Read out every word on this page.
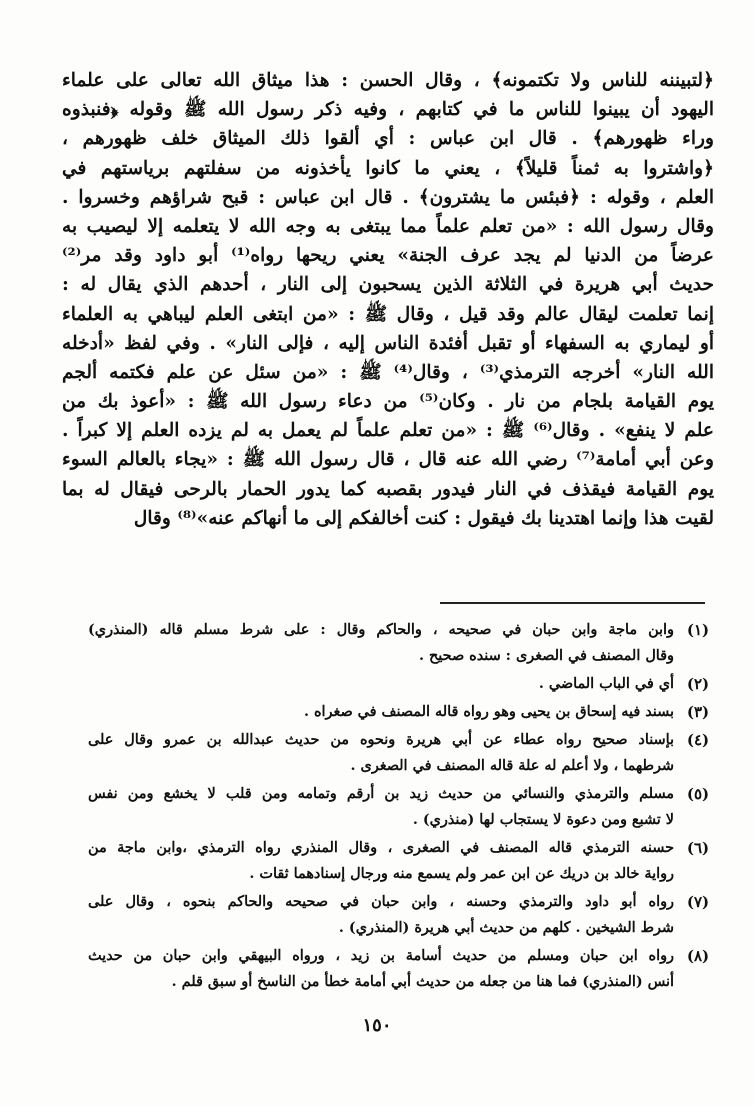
﴿لتبيننه للناس ولا تكتمونه﴾ ، وقال الحسن : هذا ميثاق الله تعالى على علماء
اليهود أن يبينوا للناس ما في كتابهم ، وفيه ذكر رسول الله ﷺ وقوله ﴿فنبذوه
وراء ظهورهم﴾ . قال ابن عباس : أي ألقوا ذلك الميثاق خلف ظهورهم ،
﴿واشتروا به ثمناً قليلاً﴾ ، يعني ما كانوا يأخذونه من سفلتهم برياستهم في
العلم ، وقوله : ﴿فبئس ما يشترون﴾ . قال ابن عباس : قبح شراؤهم وخسروا .
وقال رسول الله : «من تعلم علماً مما يبتغى به وجه الله لا يتعلمه إلا ليصيب به
عرضاً من الدنيا لم يجد عرف الجنة» يعني ريحها رواه⁽¹⁾ أبو داود وقد مر⁽²⁾
حديث أبي هريرة في الثلاثة الذين يسحبون إلى النار ، أحدهم الذي يقال له :
إنما تعلمت ليقال عالم وقد قيل ، وقال ﷺ : «من ابتغى العلم ليباهي به العلماء
أو ليماري به السفهاء أو تقبل أفئدة الناس إليه ، فإلى النار» . وفي لفظ «أدخله
الله النار» أخرجه الترمذي⁽³⁾ ، وقال⁽⁴⁾ ﷺ : «من سئل عن علم فكتمه ألجم
يوم القيامة بلجام من نار . وكان⁽⁵⁾ من دعاء رسول الله ﷺ : «أعوذ بك من
علم لا ينفع» . وقال⁽⁶⁾ ﷺ : «من تعلم علماً لم يعمل به لم يزده العلم إلا كبراً .
وعن أبي أمامة⁽⁷⁾ رضي الله عنه قال ، قال رسول الله ﷺ : «يجاء بالعالم السوء
يوم القيامة فيقذف في النار فيدور بقصبه كما يدور الحمار بالرحى فيقال له بما
لقيت هذا وإنما اهتدينا بك فيقول : كنت أخالفكم إلى ما أنهاكم عنه»⁽⁸⁾ وقال
(١)
وابن ماجة وابن حبان في صحيحه ، والحاكم وقال : على شرط مسلم قاله (المنذري)
وقال المصنف في الصغرى : سنده صحيح .
(٢)
أي في الباب الماضي .
(٣)
بسند فيه إسحاق بن يحيى وهو رواه قاله المصنف في صغراه .
(٤)
بإسناد صحيح رواه عطاء عن أبي هريرة ونحوه من حديث عبدالله بن عمرو وقال على
شرطهما ، ولا أعلم له علة قاله المصنف في الصغرى .
(٥)
مسلم والترمذي والنسائي من حديث زيد بن أرقم وتمامه ومن قلب لا يخشع ومن نفس
لا تشبع ومن دعوة لا يستجاب لها (منذري) .
(٦)
حسنه الترمذي قاله المصنف في الصغرى ، وقال المنذري رواه الترمذي ،وابن ماجة من
رواية خالد بن دريك عن ابن عمر ولم يسمع منه ورجال إسنادهما ثقات .
(٧)
رواه أبو داود والترمذي وحسنه ، وابن حبان في صحيحه والحاكم بنحوه ، وقال على
شرط الشيخين . كلهم من حديث أبي هريرة (المنذري) .
(٨)
رواه ابن حبان ومسلم من حديث أسامة بن زيد ، ورواه البيهقي وابن حبان من حديث
أنس (المنذري) فما هنا من جعله من حديث أبي أمامة خطأ من الناسخ أو سبق قلم .
١٥٠
